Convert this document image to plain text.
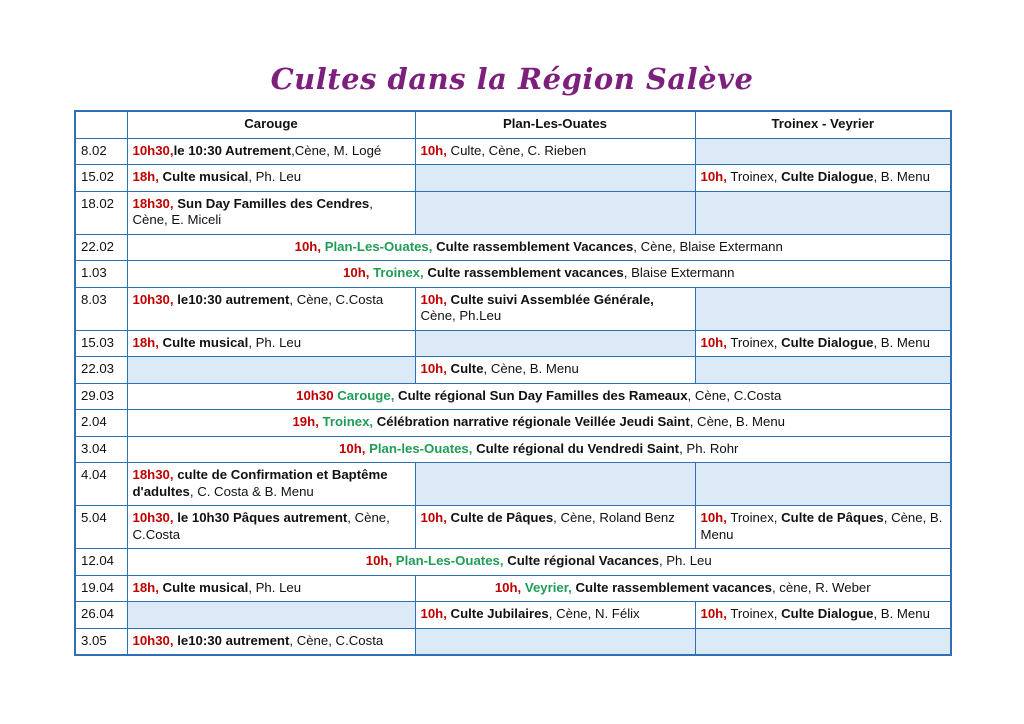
Cultes dans la Région Salève
	Carouge	Plan-Les-Ouates	Troinex - Veyrier
8.02	10h30,le 10:30 Autrement,Cène, M. Logé	10h, Culte, Cène, C. Rieben	
15.02	18h, Culte musical, Ph. Leu		10h, Troinex, Culte Dialogue, B. Menu
18.02	18h30, Sun Day Familles des Cendres, Cène, E. Miceli		
22.02	10h, Plan-Les-Ouates, Culte rassemblement Vacances, Cène, Blaise Extermann		
1.03	10h, Troinex, Culte rassemblement vacances, Blaise Extermann		
8.03	10h30, le10:30 autrement, Cène, C.Costa	10h, Culte suivi Assemblée Générale, Cène, Ph.Leu	
15.03	18h, Culte musical, Ph. Leu		10h, Troinex, Culte Dialogue, B. Menu
22.03		10h, Culte, Cène, B. Menu	
29.03	10h30 Carouge, Culte régional Sun Day Familles des Rameaux, Cène, C.Costa		
2.04	19h, Troinex, Célébration narrative régionale Veillée Jeudi Saint, Cène, B. Menu		
3.04	10h, Plan-les-Ouates, Culte régional du Vendredi Saint, Ph. Rohr		
4.04	18h30, culte de Confirmation et Baptême d'adultes, C. Costa & B. Menu		
5.04	10h30, le 10h30 Pâques autrement, Cène, C.Costa	10h, Culte de Pâques, Cène, Roland Benz	10h, Troinex, Culte de Pâques, Cène, B. Menu
12.04	10h, Plan-Les-Ouates, Culte régional Vacances, Ph. Leu		
19.04	18h, Culte musical, Ph. Leu	10h, Veyrier, Culte rassemblement vacances, cène, R. Weber	
26.04		10h, Culte Jubilaires, Cène, N. Félix	10h, Troinex, Culte Dialogue, B. Menu
3.05	10h30, le10:30 autrement, Cène, C.Costa		
